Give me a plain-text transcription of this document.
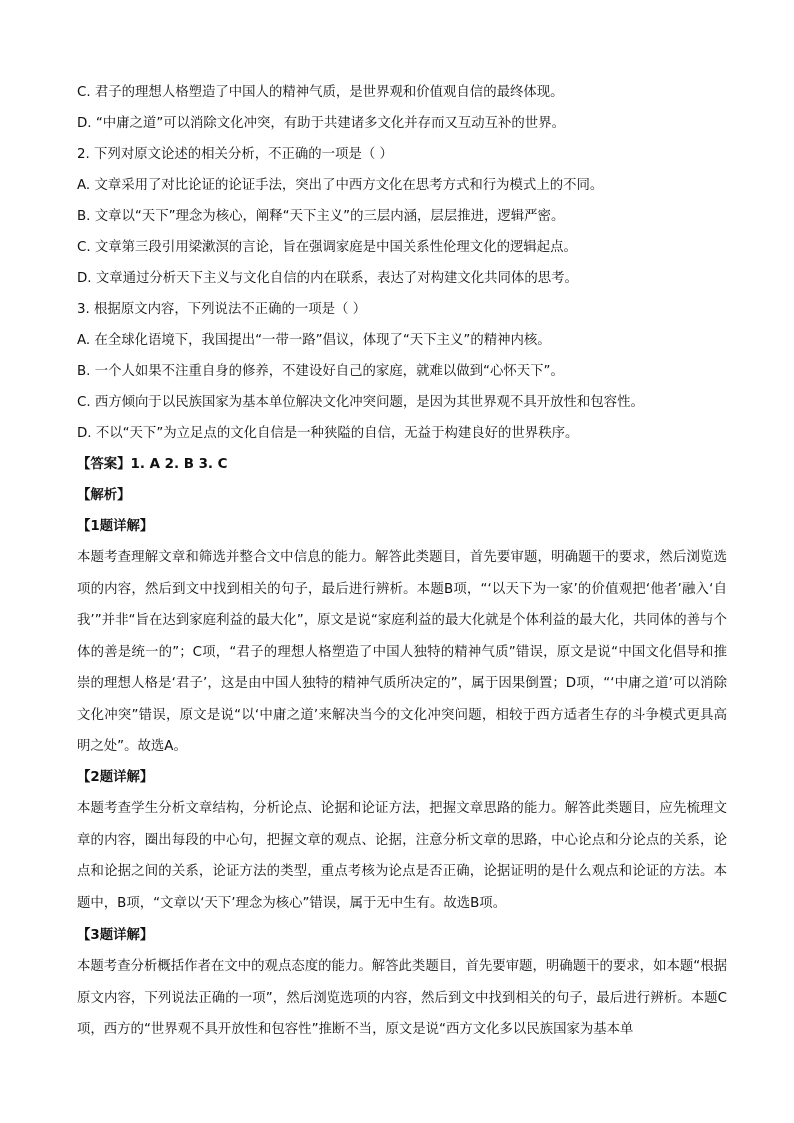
C. 君子的理想人格塑造了中国人的精神气质，是世界观和价值观自信的最终体现。
D. “中庸之道”可以消除文化冲突，有助于共建诸多文化并存而又互动互补的世界。
2. 下列对原文论述的相关分析，不正确的一项是（ ）
A. 文章采用了对比论证的论证手法，突出了中西方文化在思考方式和行为模式上的不同。
B. 文章以“天下”理念为核心，阐释“天下主义”的三层内涵，层层推进，逻辑严密。
C. 文章第三段引用梁漱溟的言论，旨在强调家庭是中国关系性伦理文化的逻辑起点。
D. 文章通过分析天下主义与文化自信的内在联系，表达了对构建文化共同体的思考。
3. 根据原文内容，下列说法不正确的一项是（ ）
A. 在全球化语境下，我国提出“一带一路”倡议，体现了“天下主义”的精神内核。
B. 一个人如果不注重自身的修养，不建设好自己的家庭，就难以做到“心怀天下”。
C. 西方倾向于以民族国家为基本单位解决文化冲突问题，是因为其世界观不具开放性和包容性。
D. 不以“天下”为立足点的文化自信是一种狭隘的自信，无益于构建良好的世界秩序。
【答案】1. A 2. B 3. C
【解析】
【1题详解】
本题考查理解文章和筛选并整合文中信息的能力。解答此类题目，首先要审题，明确题干的要求，然后浏览选项的内容，然后到文中找到相关的句子，最后进行辨析。本题B项，“‘以天下为一家’的价值观把‘他者’融入‘自我’”并非“旨在达到家庭利益的最大化”，原文是说“家庭利益的最大化就是个体利益的最大化，共同体的善与个体的善是统一的”；C项，“君子的理想人格塑造了中国人独特的精神气质”错误，原文是说“中国文化倡导和推崇的理想人格是‘君子’，这是由中国人独特的精神气质所决定的”，属于因果倒置；D项，“‘中庸之道’可以消除文化冲突”错误，原文是说“以‘中庸之道’来解决当今的文化冲突问题，相较于西方适者生存的斗争模式更具高明之处”。故选A。
【2题详解】
本题考查学生分析文章结构，分析论点、论据和论证方法，把握文章思路的能力。解答此类题目，应先梳理文章的内容，圈出每段的中心句，把握文章的观点、论据，注意分析文章的思路，中心论点和分论点的关系，论点和论据之间的关系，论证方法的类型，重点考核为论点是否正确，论据证明的是什么观点和论证的方法。本题中，B项，“文章以‘天下’理念为核心”错误，属于无中生有。故选B项。
【3题详解】
本题考查分析概括作者在文中的观点态度的能力。解答此类题目，首先要审题，明确题干的要求，如本题“根据原文内容，下列说法正确的一项”，然后浏览选项的内容，然后到文中找到相关的句子，最后进行辨析。本题C项，西方的“世界观不具开放性和包容性”推断不当，原文是说“西方文化多以民族国家为基本单
